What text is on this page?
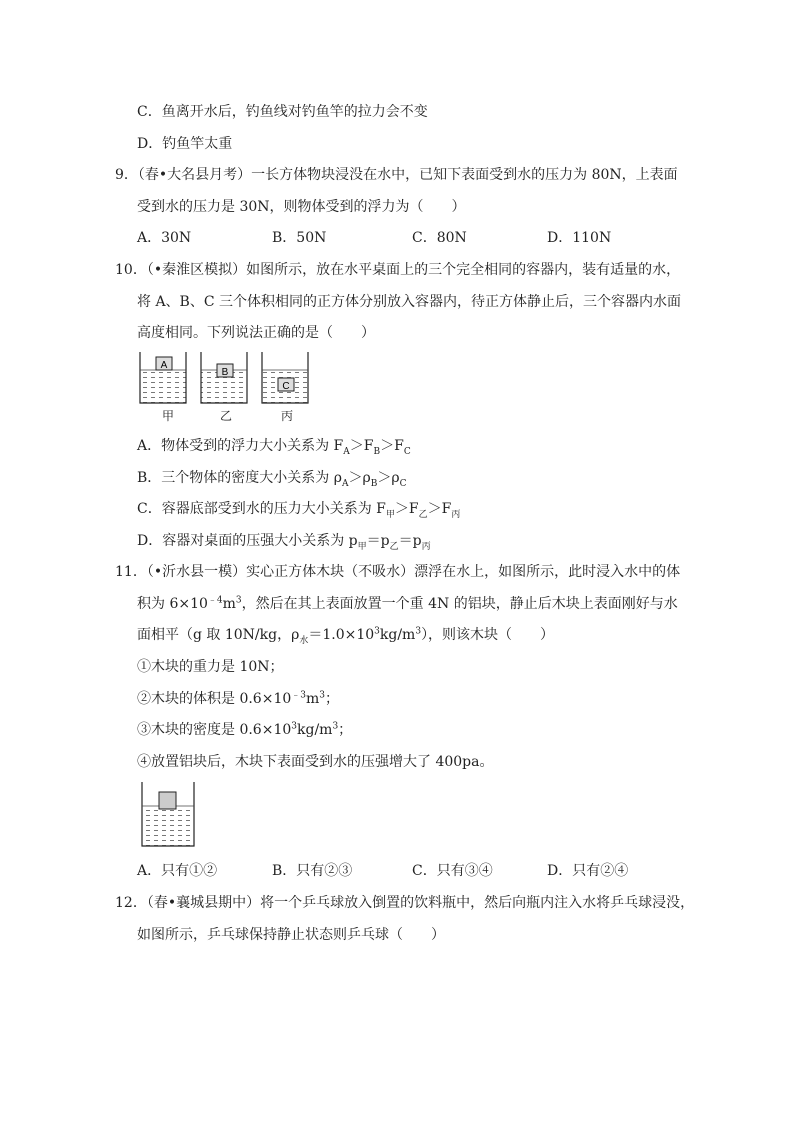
C．鱼离开水后，钓鱼线对钓鱼竿的拉力会不变
D．钓鱼竿太重
9．（春•大名县月考）一长方体物块浸没在水中，已知下表面受到水的压力为 80N，上表面
受到水的压力是 30N，则物体受到的浮力为（　　）
A．30N	B．50N	C．80N	D．110N
10．（•秦淮区模拟）如图所示，放在水平桌面上的三个完全相同的容器内，装有适量的水，
将 A、B、C 三个体积相同的正方体分别放入容器内，待正方体静止后，三个容器内水面
高度相同。下列说法正确的是（　　）
A
B
C
甲	乙	丙
A．物体受到的浮力大小关系为 $F_A>F_B>F_C$
B．三个物体的密度大小关系为 $\rho_A>\rho_B>\rho_C$
C．容器底部受到水的压力大小关系为 $F_甲>F_乙>F_丙$
D．容器对桌面的压强大小关系为 $p_甲=p_乙=p_丙$
11．（•沂水县一模）实心正方体木块（不吸水）漂浮在水上，如图所示，此时浸入水中的体
积为 $6\times 10^{﹣4}m^3$，然后在其上表面放置一个重 4N 的铝块，静止后木块上表面刚好与水
面相平（g 取 10N/kg，$\rho_水=1.0\times 10^3kg/m^3$），则该木块（　　）
①木块的重力是 10N；
②木块的体积是 $0.6\times 10^{﹣3}m^3$；
③木块的密度是 $0.6\times 10^3kg/m^3$；
④放置铝块后，木块下表面受到水的压强增大了 400pa。
A．只有①②	B．只有②③	C．只有③④	D．只有②④
12．（春•襄城县期中）将一个乒乓球放入倒置的饮料瓶中，然后向瓶内注入水将乒乓球浸没，
如图所示，乒乓球保持静止状态则乒乓球（　　）
